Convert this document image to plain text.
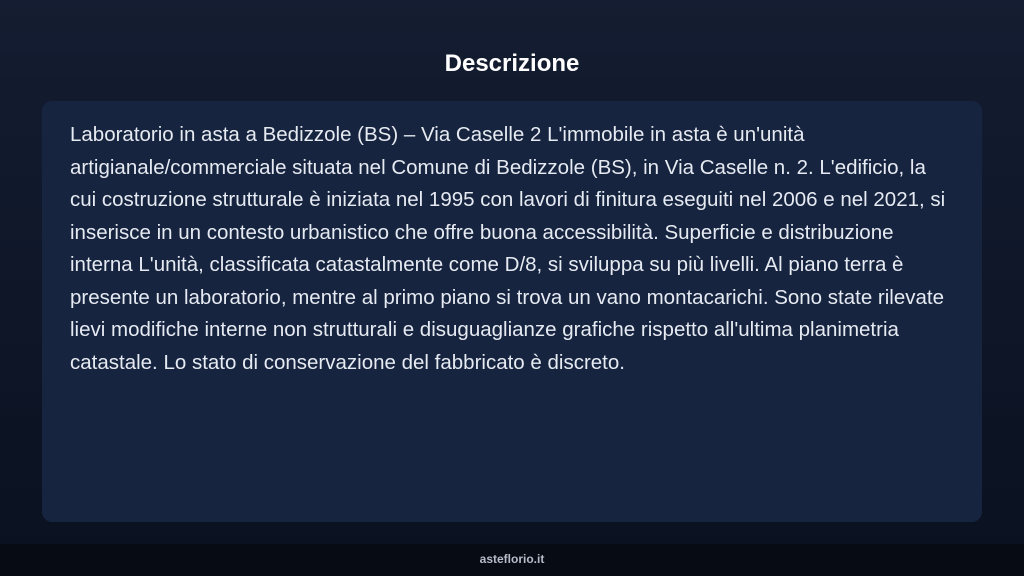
Descrizione

Laboratorio in asta a Bedizzole (BS) – Via Caselle 2 L'immobile in asta è un'unità artigianale/commerciale situata nel Comune di Bedizzole (BS), in Via Caselle n. 2. L'edificio, la cui costruzione strutturale è iniziata nel 1995 con lavori di finitura eseguiti nel 2006 e nel 2021, si inserisce in un contesto urbanistico che offre buona accessibilità. Superficie e distribuzione interna L'unità, classificata catastalmente come D/8, si sviluppa su più livelli. Al piano terra è presente un laboratorio, mentre al primo piano si trova un vano montacarichi. Sono state rilevate lievi modifiche interne non strutturali e disuguaglianze grafiche rispetto all'ultima planimetria catastale. Lo stato di conservazione del fabbricato è discreto.

asteflorio.it
